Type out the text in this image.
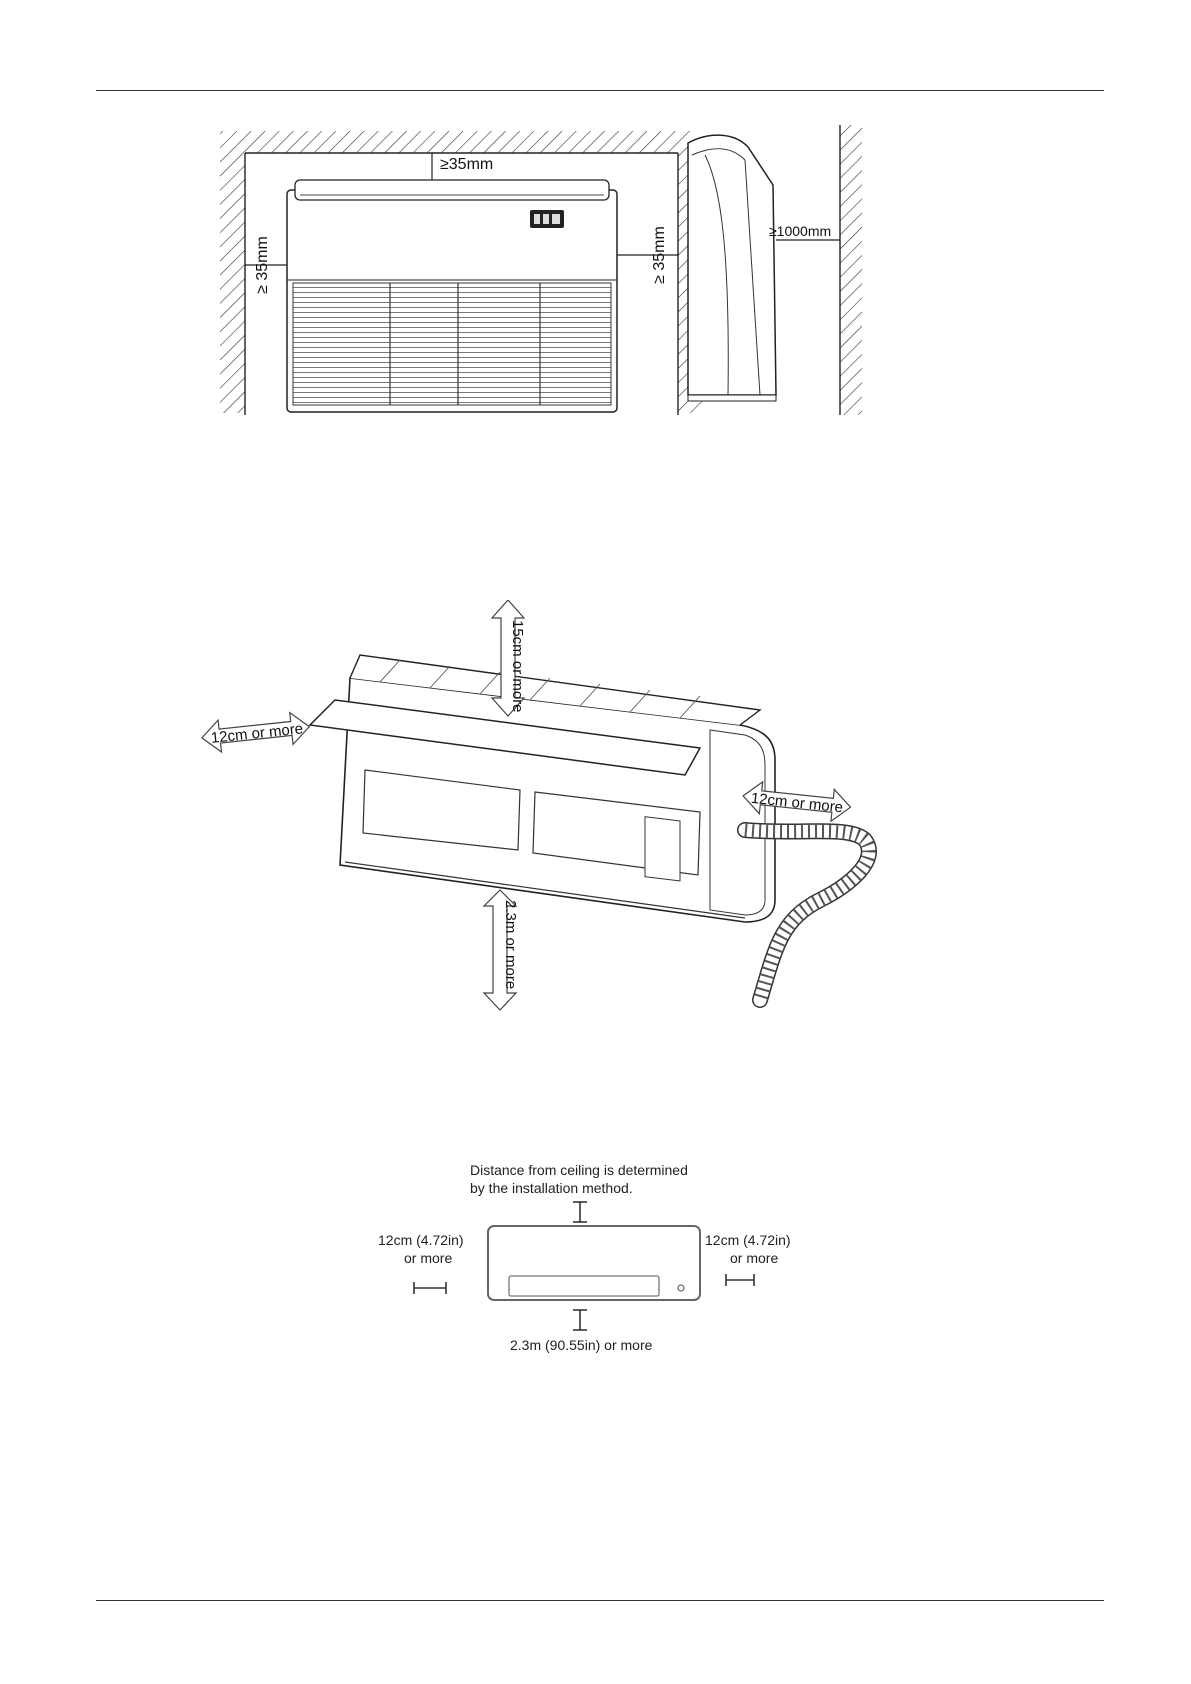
≥35mm
≥ 35mm	≥ 35mm	≥1000mm
15cm or more
12cm or more
12cm or more
2.3m or more
Distance from ceiling is determined
by the installation method.
12cm (4.72in)
or more
12cm (4.72in)
or more
2.3m (90.55in) or more
